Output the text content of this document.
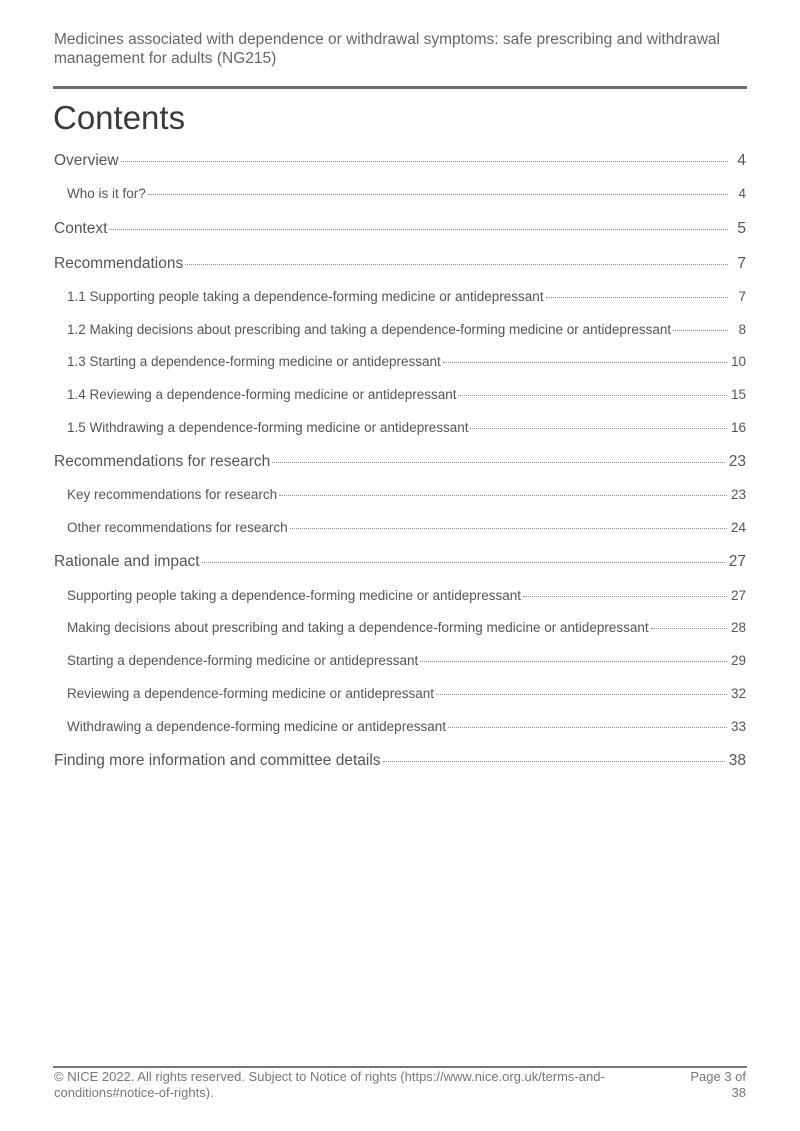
Medicines associated with dependence or withdrawal symptoms: safe prescribing and withdrawal management for adults (NG215)
Contents
Overview	4
Who is it for?	4
Context	5
Recommendations	7
1.1 Supporting people taking a dependence-forming medicine or antidepressant	7
1.2 Making decisions about prescribing and taking a dependence-forming medicine or antidepressant	8
1.3 Starting a dependence-forming medicine or antidepressant	10
1.4 Reviewing a dependence-forming medicine or antidepressant	15
1.5 Withdrawing a dependence-forming medicine or antidepressant	16
Recommendations for research	23
Key recommendations for research	23
Other recommendations for research	24
Rationale and impact	27
Supporting people taking a dependence-forming medicine or antidepressant	27
Making decisions about prescribing and taking a dependence-forming medicine or antidepressant	28
Starting a dependence-forming medicine or antidepressant	29
Reviewing a dependence-forming medicine or antidepressant	32
Withdrawing a dependence-forming medicine or antidepressant	33
Finding more information and committee details	38
© NICE 2022. All rights reserved. Subject to Notice of rights (https://www.nice.org.uk/terms-and-conditions#notice-of-rights).
Page 3 of 38
